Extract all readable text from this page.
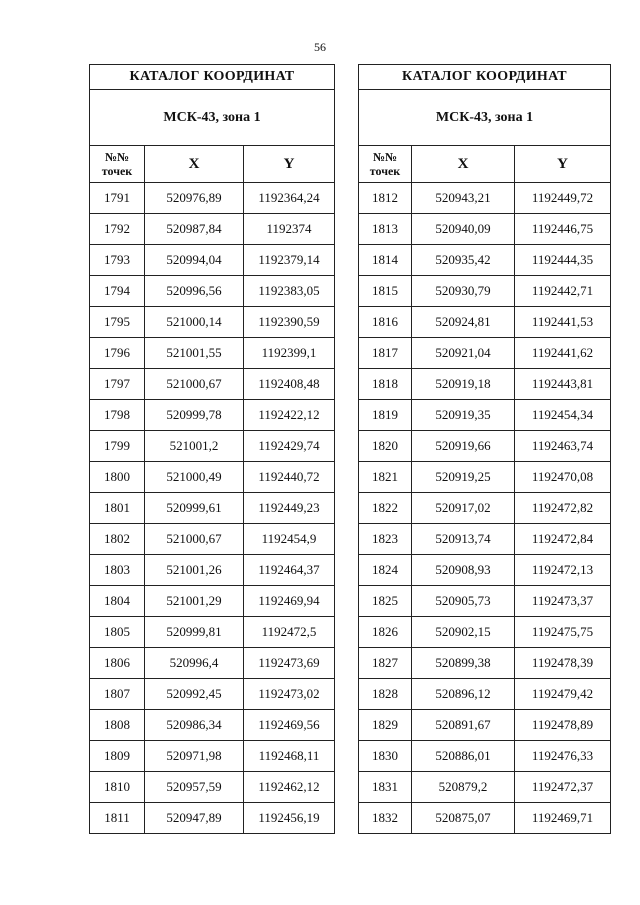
56
КАТАЛОГ КООРДИНАТ		
МСК-43, зона 1		
№№ точек	X	Y
1791	520976,89	1192364,24
1792	520987,84	1192374
1793	520994,04	1192379,14
1794	520996,56	1192383,05
1795	521000,14	1192390,59
1796	521001,55	1192399,1
1797	521000,67	1192408,48
1798	520999,78	1192422,12
1799	521001,2	1192429,74
1800	521000,49	1192440,72
1801	520999,61	1192449,23
1802	521000,67	1192454,9
1803	521001,26	1192464,37
1804	521001,29	1192469,94
1805	520999,81	1192472,5
1806	520996,4	1192473,69
1807	520992,45	1192473,02
1808	520986,34	1192469,56
1809	520971,98	1192468,11
1810	520957,59	1192462,12
1811	520947,89	1192456,19
КАТАЛОГ КООРДИНАТ		
МСК-43, зона 1		
№№ точек	X	Y
1812	520943,21	1192449,72
1813	520940,09	1192446,75
1814	520935,42	1192444,35
1815	520930,79	1192442,71
1816	520924,81	1192441,53
1817	520921,04	1192441,62
1818	520919,18	1192443,81
1819	520919,35	1192454,34
1820	520919,66	1192463,74
1821	520919,25	1192470,08
1822	520917,02	1192472,82
1823	520913,74	1192472,84
1824	520908,93	1192472,13
1825	520905,73	1192473,37
1826	520902,15	1192475,75
1827	520899,38	1192478,39
1828	520896,12	1192479,42
1829	520891,67	1192478,89
1830	520886,01	1192476,33
1831	520879,2	1192472,37
1832	520875,07	1192469,71
